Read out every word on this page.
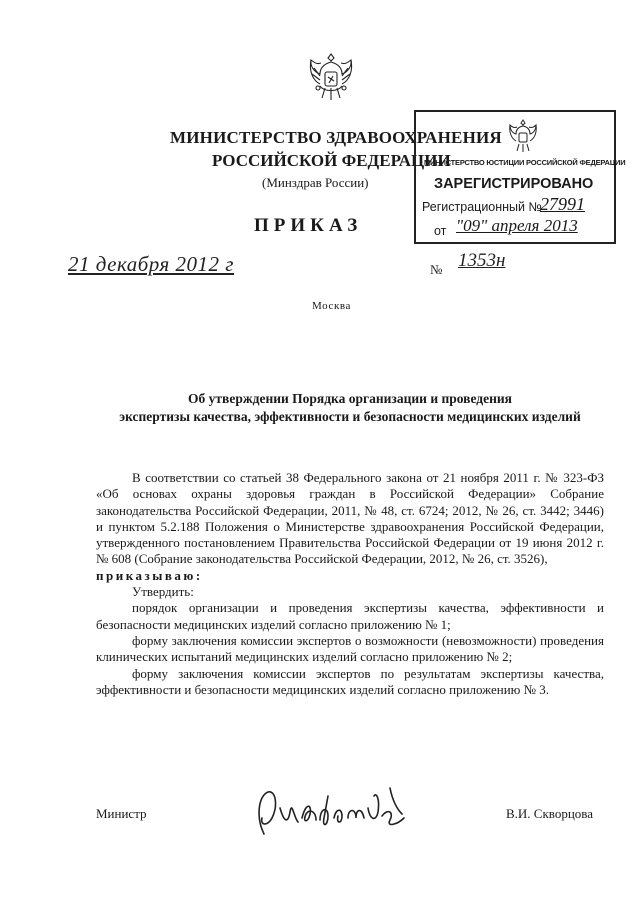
МИНИСТЕРСТВО ЗДРАВООХРАНЕНИЯ
РОССИЙСКОЙ ФЕДЕРАЦИИ
(Минздрав России)
ПРИКАЗ
21 декабря 2012 г	№ 1353н
Москва
МИНИСТЕРСТВО ЮСТИЦИИ РОССИЙСКОЙ ФЕДЕРАЦИИ
ЗАРЕГИСТРИРОВАНО
Регистрационный №
27991
от "09" апреля 2013
Об утверждении Порядка организации и проведения
экспертизы качества, эффективности и безопасности медицинских изделий

В соответствии со статьей 38 Федерального закона от 21 ноября 2011 г. № 323-ФЗ «Об основах охраны здоровья граждан в Российской Федерации» Собрание законодательства Российской Федерации, 2011, № 48, ст. 6724; 2012, № 26, ст. 3442; 3446) и пунктом 5.2.188 Положения о Министерстве здравоохранения Российской Федерации, утвержденного постановлением Правительства Российской Федерации от 19 июня 2012 г. № 608 (Собрание законодательства Российской Федерации, 2012, № 26, ст. 3526),

приказываю:

Утвердить:

порядок организации и проведения экспертизы качества, эффективности и безопасности медицинских изделий согласно приложению № 1;

форму заключения комиссии экспертов о возможности (невозможности) проведения клинических испытаний медицинских изделий согласно приложению № 2;

форму заключения комиссии экспертов по результатам экспертизы качества, эффективности и безопасности медицинских изделий согласно приложению № 3.

Министр	В.И. Скворцова
